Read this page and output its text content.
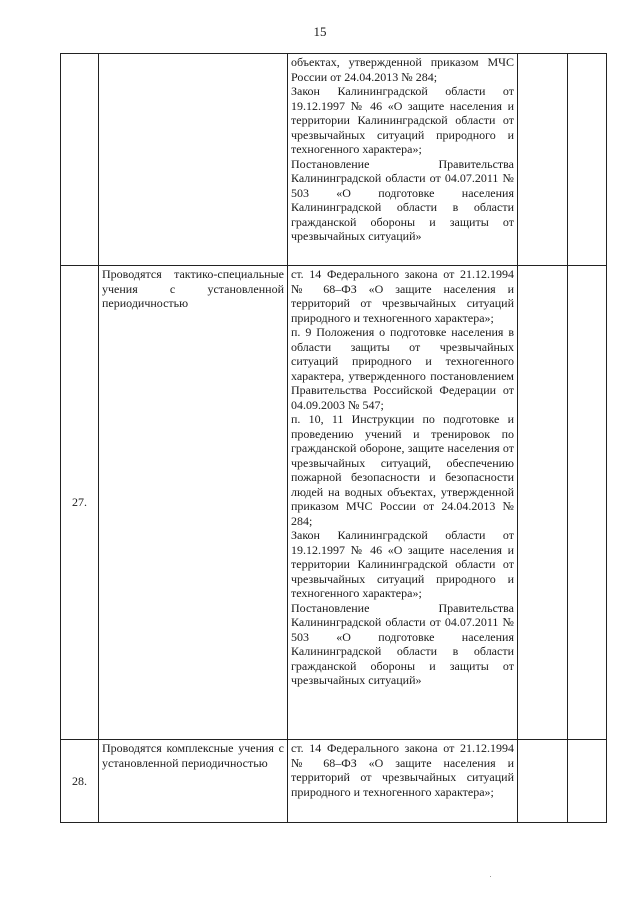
15

		объектах, утвержденной приказом МЧС России от 24.04.2013 № 284;

Закон Калининградской области от 19.12.1997 № 46 «О защите населения и территории Калининградской области от чрезвычайных ситуаций природного и техногенного характера»;

Постановление Правительства Калининградской области от 04.07.2011 № 503 «О подготовке населения Калининградской области в области гражданской обороны и защиты от чрезвычайных ситуаций»		

27.	Проводятся тактико-специальные учения с установленной периодичностью	ст. 14 Федерального закона от 21.12.1994 № 68–ФЗ «О защите населения и территорий от чрезвычайных ситуаций природного и техногенного характера»;

п. 9 Положения о подготовке населения в области защиты от чрезвычайных ситуаций природного и техногенного характера, утвержденного постановлением Правительства Российской Федерации от 04.09.2003 № 547;

п. 10, 11 Инструкции по подготовке и проведению учений и тренировок по гражданской обороне, защите населения от чрезвычайных ситуаций, обеспечению пожарной безопасности и безопасности людей на водных объектах, утвержденной приказом МЧС России от 24.04.2013 № 284;

Закон Калининградской области от 19.12.1997 № 46 «О защите населения и территории Калининградской области от чрезвычайных ситуаций природного и техногенного характера»;

Постановление Правительства Калининградской области от 04.07.2011 № 503 «О подготовке населения Калининградской области в области гражданской обороны и защиты от чрезвычайных ситуаций»		

28.	Проводятся комплексные учения с установленной периодичностью	ст. 14 Федерального закона от 21.12.1994 № 68–ФЗ «О защите населения и территорий от чрезвычайных ситуаций природного и техногенного характера»;		
